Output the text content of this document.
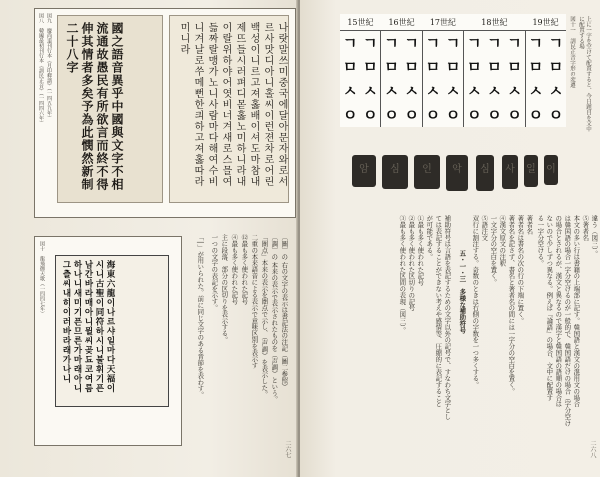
図八　韓國最初刊行本《訓民正音》（一四四六年） 図九　慶尚道刊行本《月印釋譜》（一四五九年）	國之語音異乎中國與文字不相流通故愚民有所欲言而終不得伸其情者多矣予為此憫然新制二十八字	나랏말쓰미중국에달아문자와로서르사맛디아니홀씨이런젼차로어린백성이니르고져홇배이셔도마참내제뜨들시러펴디몯홇노미하니라내이랄위하야어엿비너겨새로스믈여듧짜랄맹가노니사람마다해여수비니겨날로쑤메뻔한킈하고져홇따라미니라
図十　龍飛御天歌（一四四七年）	海東六龍이나르샤일마다天福이시니古聖이同符하시니불휘기픈남간바라매아니뮐씨곶됴코여름하나니새미기픈므른가마래아니그츨씨내히이러바라래가나니	〔圖〕の 右の文字の表示は書記法の注記（圖二参照）
〔調〕の 本来の表示で表示されたものを（声調）という。
「圏点」本来の表示を圏点で示し、（声調）を表示した。
二重の本来語音による表示で意味区別を表示す
⑫最も多く使われた記号
④最も多く使われた記号
主に段落、部分の区切りを表示する。
一つの文字の表記を示す。
「│」が用いられた。前に同じ文字のある音節を表わす。
二六七
15世紀		16世紀		17世紀		18世紀			19世紀	
ㄱ	ㄱ	ㄱ	ㄱ	ㄱ	ㄱ	ㄱ	ㄱ	ㄱ	ㄱ	ㄱ
ㅁ	ㅁ	ㅁ	ㅁ	ㅁ	ㅁ	ㅁ	ㅁ	ㅁ	ㅁ	ㅁ
ㅅ	ㅅ	ㅅ	ㅅ	ㅅ	ㅅ	ㅅ	ㅅ	ㅅ	ㅅ	ㅅ
ㅇ	ㅇ	ㅇ	ㅇ	ㅇ	ㅇ	ㅇ	ㅇ	ㅇ	ㅇ	ㅇ
図十一　訓民正音字形の変遷	上に一字を空けて配置すると、今日題目を文中に配置する場
違う（図三）。
⑤著者名
本文の多い行は書籍の上端部に記す。韓国語と漢文の混用文の場合
は韓国語の場合一字分空けるのが一般的で、韓国語だけの場合（字分空け
の場合とされるが、漢文と異なるので漢字と韓国語の語順の場合は
ないので少しずつ異なる。例えば『論語』の場合、文中に配置す
る一字分空ける。
著者名
著者名は書名の次の行の下端に置く。
著者名を記さず、書名と著者名の間には一字分の空白を置く。
④漢文原文の注釈
一文字分の空白を置く。
⑤語注文
双行に割注する。奇数のときは右側の字数を一つ多くする。
五・一・三　多様な補助符号
補助符号は言語を表記するための文字以外の記号で、すなわち文字とし
ては表記することができない考えや感情等、圧縮的に表記すること
が可能である。
①最も多く使われた記号
②最も多く使われた区切りの記号
③最も多く使われた区間の表現（図三）。
二六八
암	심	인	악	심	사	일 이
